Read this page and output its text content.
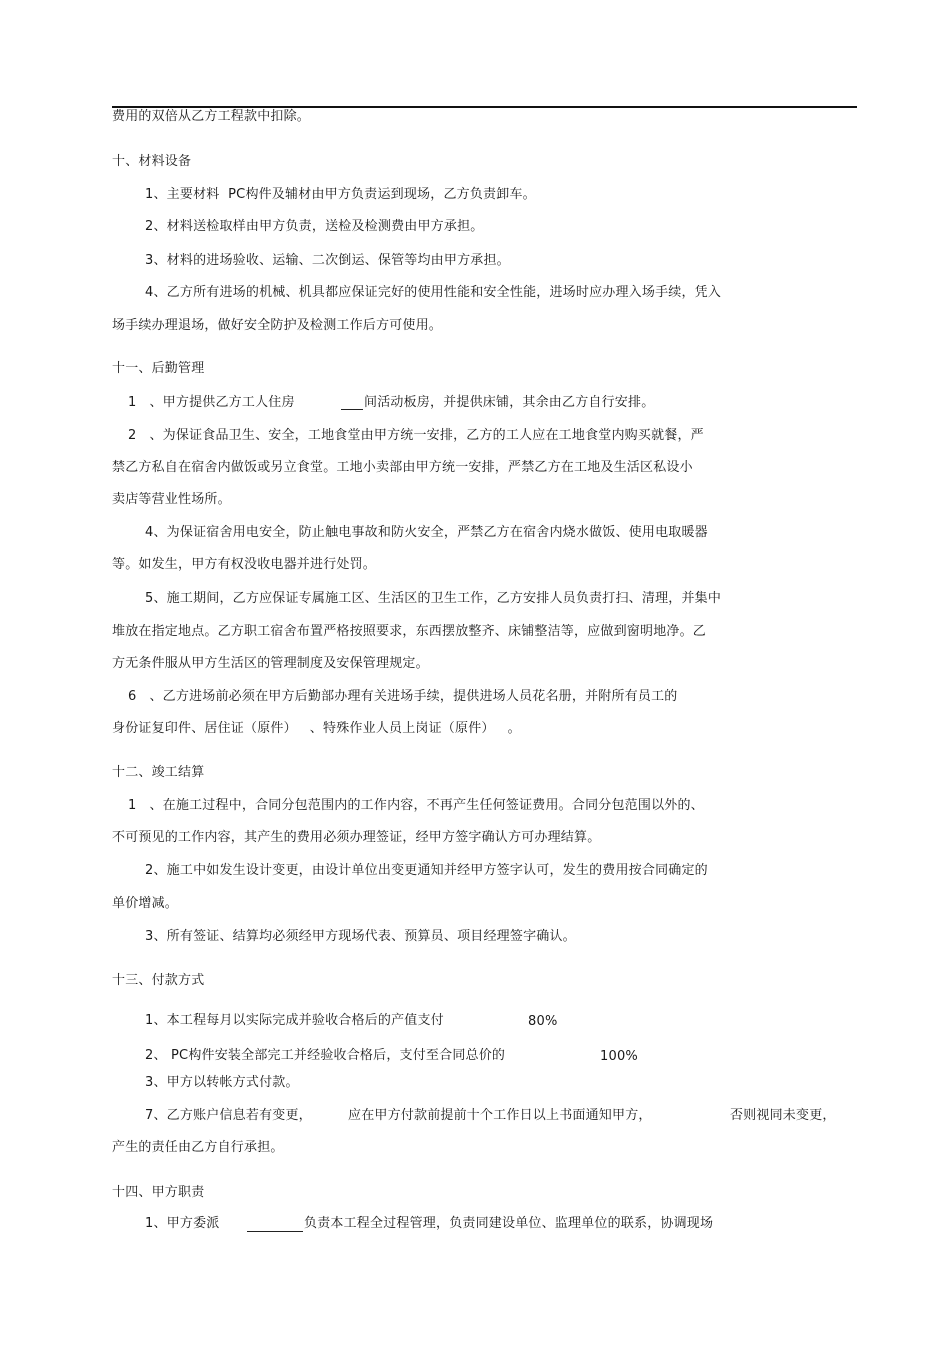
费用的双倍从乙方工程款中扣除。
十、材料设备
1、主要材料  PC构件及辅材由甲方负责运到现场，乙方负责卸车。
2、材料送检取样由甲方负责，送检及检测费由甲方承担。
3、材料的进场验收、运输、二次倒运、保管等均由甲方承担。
4、乙方所有进场的机械、机具都应保证完好的使用性能和安全性能，进场时应办理入场手续，凭入
场手续办理退场，做好安全防护及检测工作后方可使用。
十一、后勤管理
1   、甲方提供乙方工人住房	间活动板房，并提供床铺，其余由乙方自行安排。
2   、为保证食品卫生、安全，工地食堂由甲方统一安排，乙方的工人应在工地食堂内购买就餐，严
禁乙方私自在宿舍内做饭或另立食堂。工地小卖部由甲方统一安排，严禁乙方在工地及生活区私设小
卖店等营业性场所。
4、为保证宿舍用电安全，防止触电事故和防火安全，严禁乙方在宿舍内烧水做饭、使用电取暖器
等。如发生，甲方有权没收电器并进行处罚。
5、施工期间，乙方应保证专属施工区、生活区的卫生工作，乙方安排人员负责打扫、清理，并集中
堆放在指定地点。乙方职工宿舍布置严格按照要求，东西摆放整齐、床铺整洁等，应做到窗明地净。乙
方无条件服从甲方生活区的管理制度及安保管理规定。
6   、乙方进场前必须在甲方后勤部办理有关进场手续，提供进场人员花名册，并附所有员工的
身份证复印件、居住证（原件）   、特殊作业人员上岗证（原件）   。
十二、竣工结算
1   、在施工过程中，合同分包范围内的工作内容，不再产生任何签证费用。合同分包范围以外的、
不可预见的工作内容，其产生的费用必须办理签证，经甲方签字确认方可办理结算。
2、施工中如发生设计变更，由设计单位出变更通知并经甲方签字认可，发生的费用按合同确定的
单价增减。
3、所有签证、结算均必须经甲方现场代表、预算员、项目经理签字确认。
十三、付款方式
1、本工程每月以实际完成并验收合格后的产值支付	80%
2、 PC构件安装全部完工并经验收合格后，支付至合同总价的	100%
3、甲方以转帐方式付款。
7、乙方账户信息若有变更，	应在甲方付款前提前十个工作日以上书面通知甲方，	否则视同未变更，
产生的责任由乙方自行承担。
十四、甲方职责
1、甲方委派	负责本工程全过程管理，负责同建设单位、监理单位的联系，协调现场
